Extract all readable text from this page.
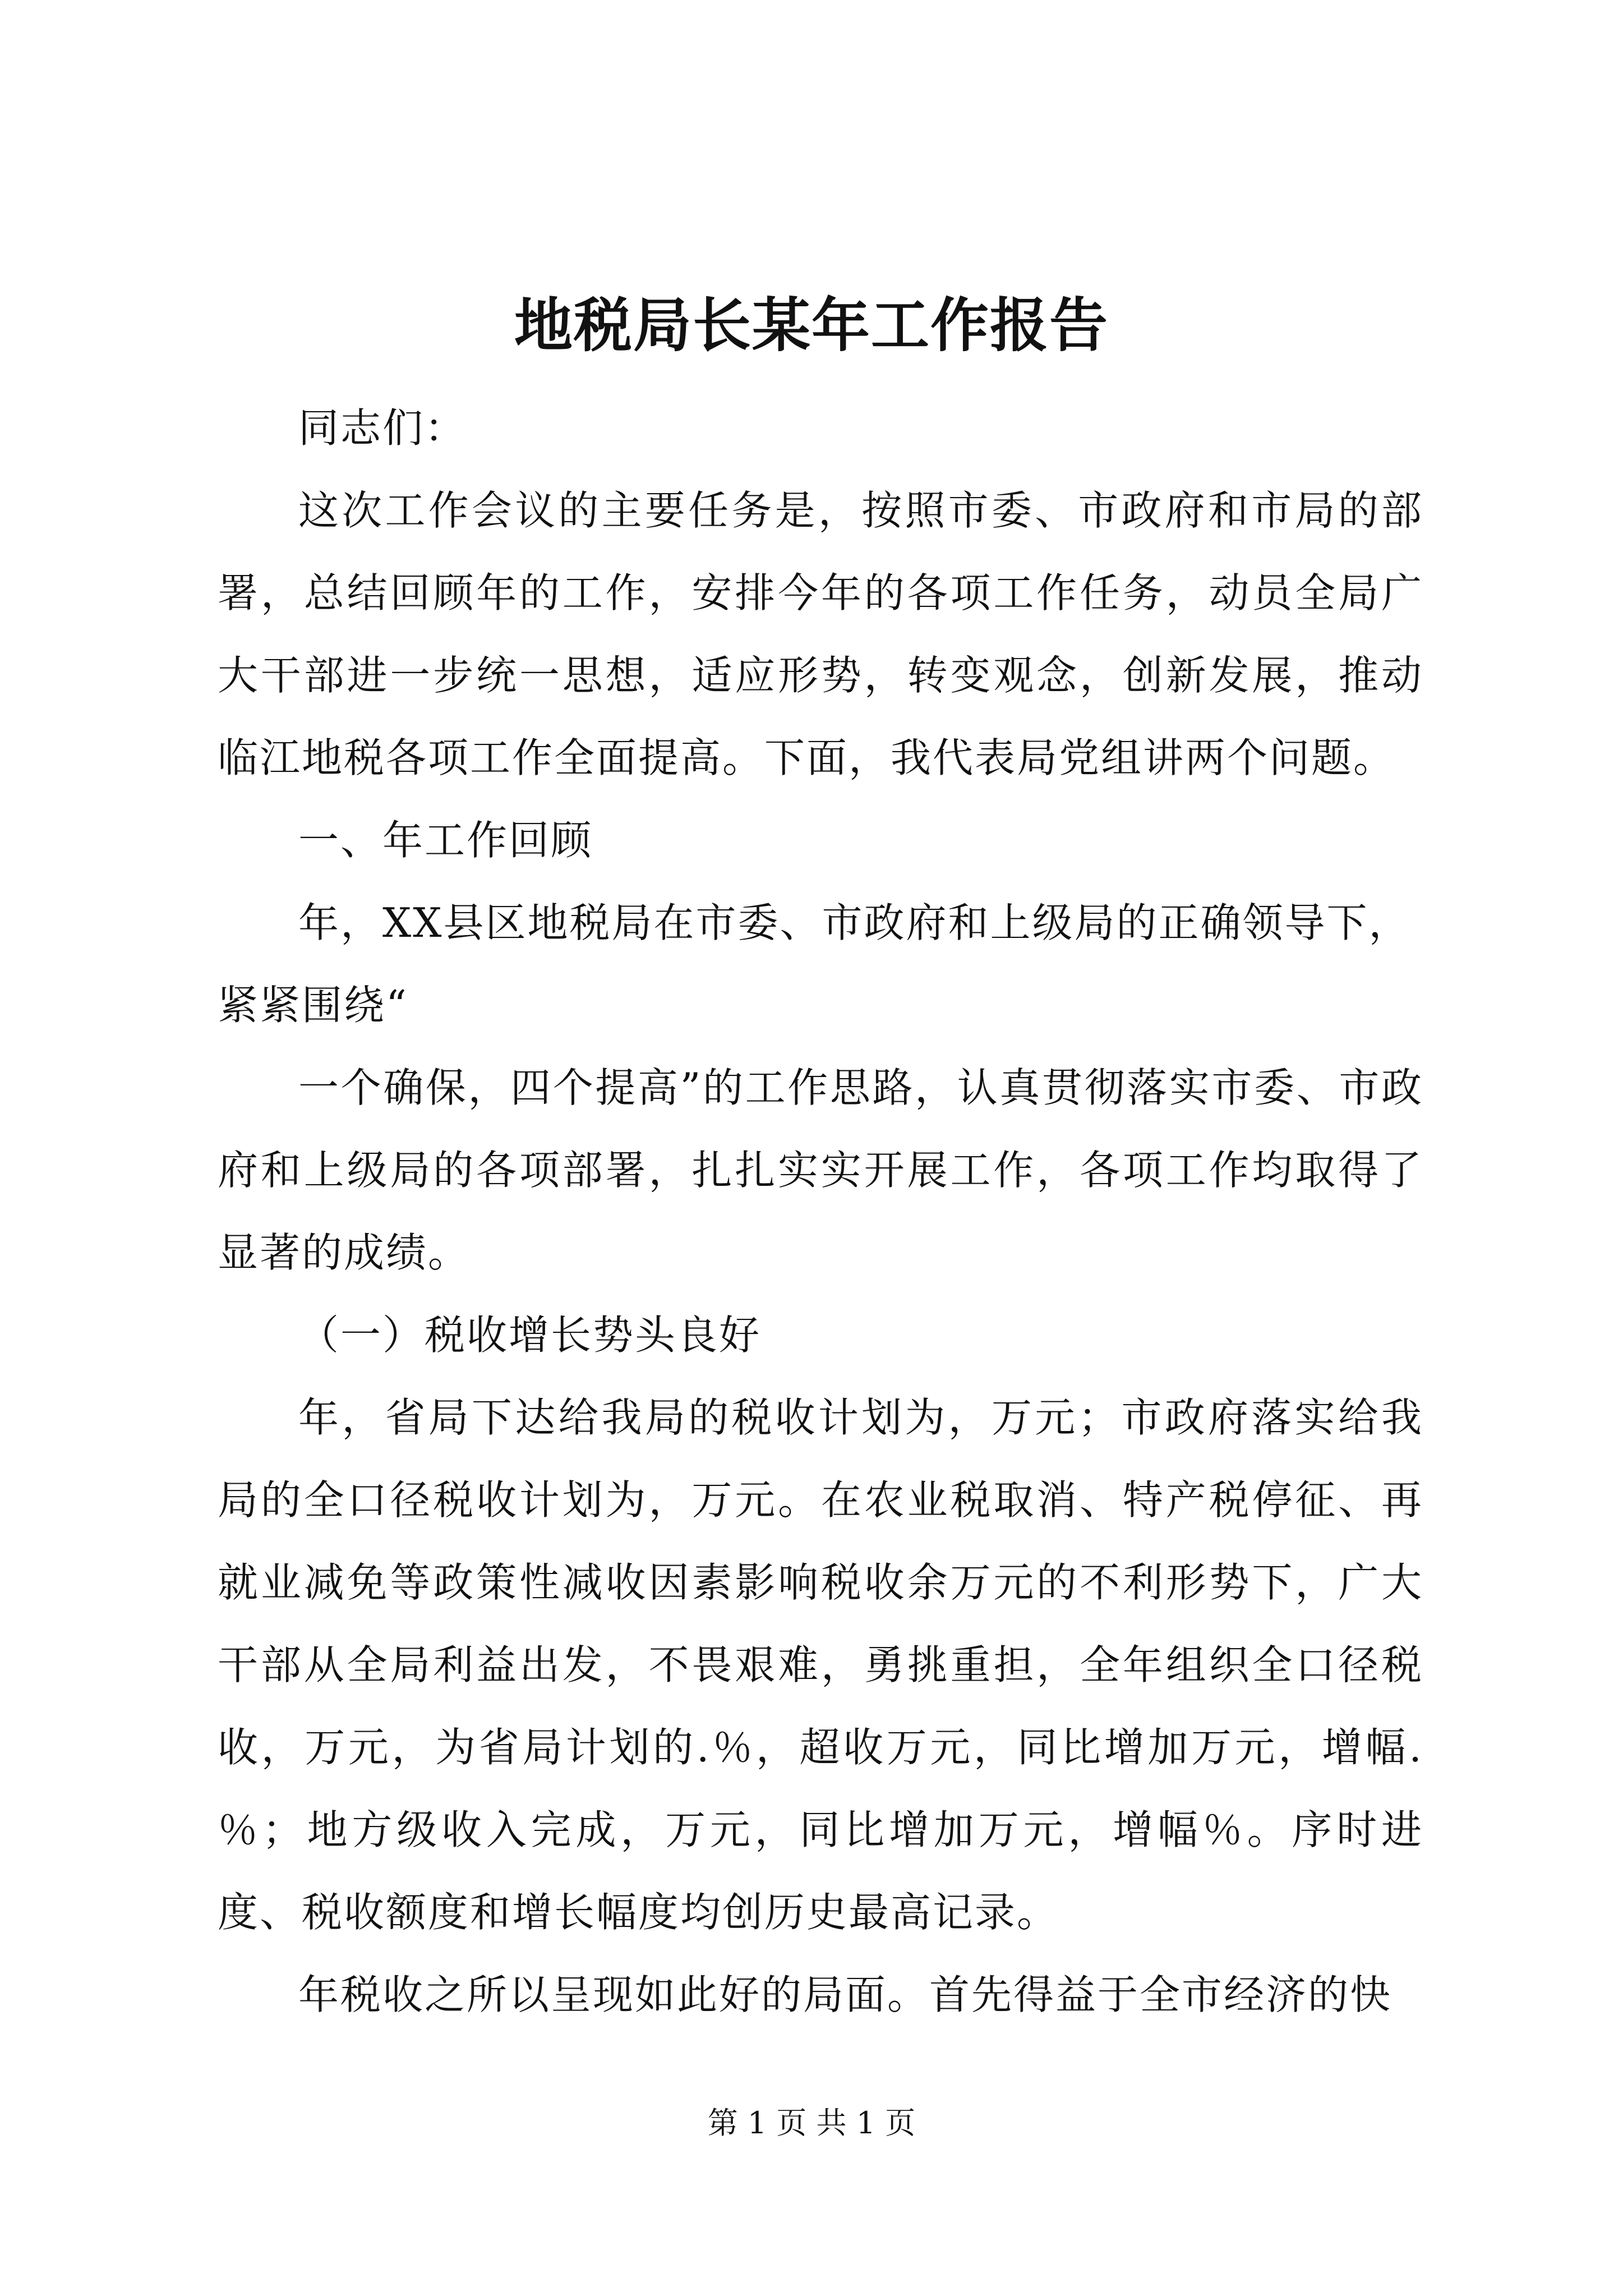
地税局长某年工作报告

同志们：

这次工作会议的主要任务是，按照市委、市政府和市局的部署，总结回顾年的工作，安排今年的各项工作任务，动员全局广大干部进一步统一思想，适应形势，转变观念，创新发展，推动临江地税各项工作全面提高。下面，我代表局党组讲两个问题。

一、年工作回顾

年，XX县区地税局在市委、市政府和上级局的正确领导下，紧紧围绕“

一个确保，四个提高”的工作思路，认真贯彻落实市委、市政府和上级局的各项部署，扎扎实实开展工作，各项工作均取得了显著的成绩。

（一）税收增长势头良好

年，省局下达给我局的税收计划为，万元；市政府落实给我局的全口径税收计划为，万元。在农业税取消、特产税停征、再就业减免等政策性减收因素影响税收余万元的不利形势下，广大干部从全局利益出发，不畏艰难，勇挑重担，全年组织全口径税收，万元，为省局计划的.％，超收万元，同比增加万元，增幅.％；地方级收入完成，万元，同比增加万元，增幅％。序时进度、税收额度和增长幅度均创历史最高记录。

年税收之所以呈现如此好的局面。首先得益于全市经济的快

第 1 页 共 1 页
